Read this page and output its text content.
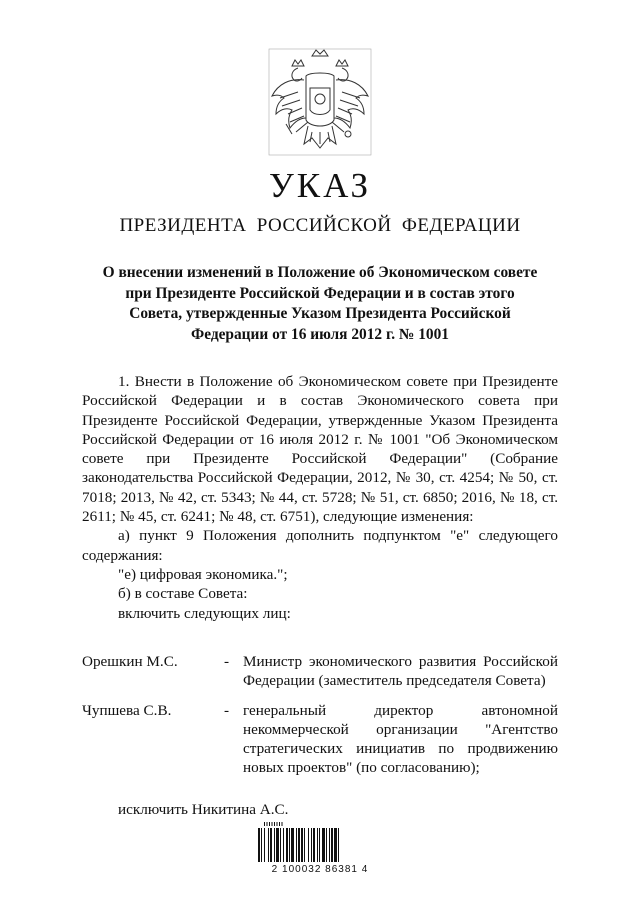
УКАЗ
ПРЕЗИДЕНТА РОССИЙСКОЙ ФЕДЕРАЦИИ
О внесении изменений в Положение об Экономическом совете при Президенте Российской Федерации и в состав этого Совета, утвержденные Указом Президента Российской Федерации от 16 июля 2012 г. № 1001

1. Внести в Положение об Экономическом совете при Президенте Российской Федерации и в состав Экономического совета при Президенте Российской Федерации, утвержденные Указом Президента Российской Федерации от 16 июля 2012 г. № 1001 "Об Экономическом совете при Президенте Российской Федерации" (Собрание законодательства Российской Федерации, 2012, № 30, ст. 4254; № 50, ст. 7018; 2013, № 42, ст. 5343; № 44, ст. 5728; № 51, ст. 6850; 2016, № 18, ст. 2611; № 45, ст. 6241; № 48, ст. 6751), следующие изменения:

а) пункт 9 Положения дополнить подпунктом "е" следующего содержания:

"е) цифровая экономика.";

б) в составе Совета:

включить следующих лиц:

Орешкин М.С.	- Министр экономического развития Российской Федерации (заместитель председателя Совета)
Чупшева С.В.	- генеральный директор автономной некоммерческой организации "Агентство стратегических инициатив по продвижению новых проектов" (по согласованию);
исключить Никитина А.С.
2 100032 86381 4
